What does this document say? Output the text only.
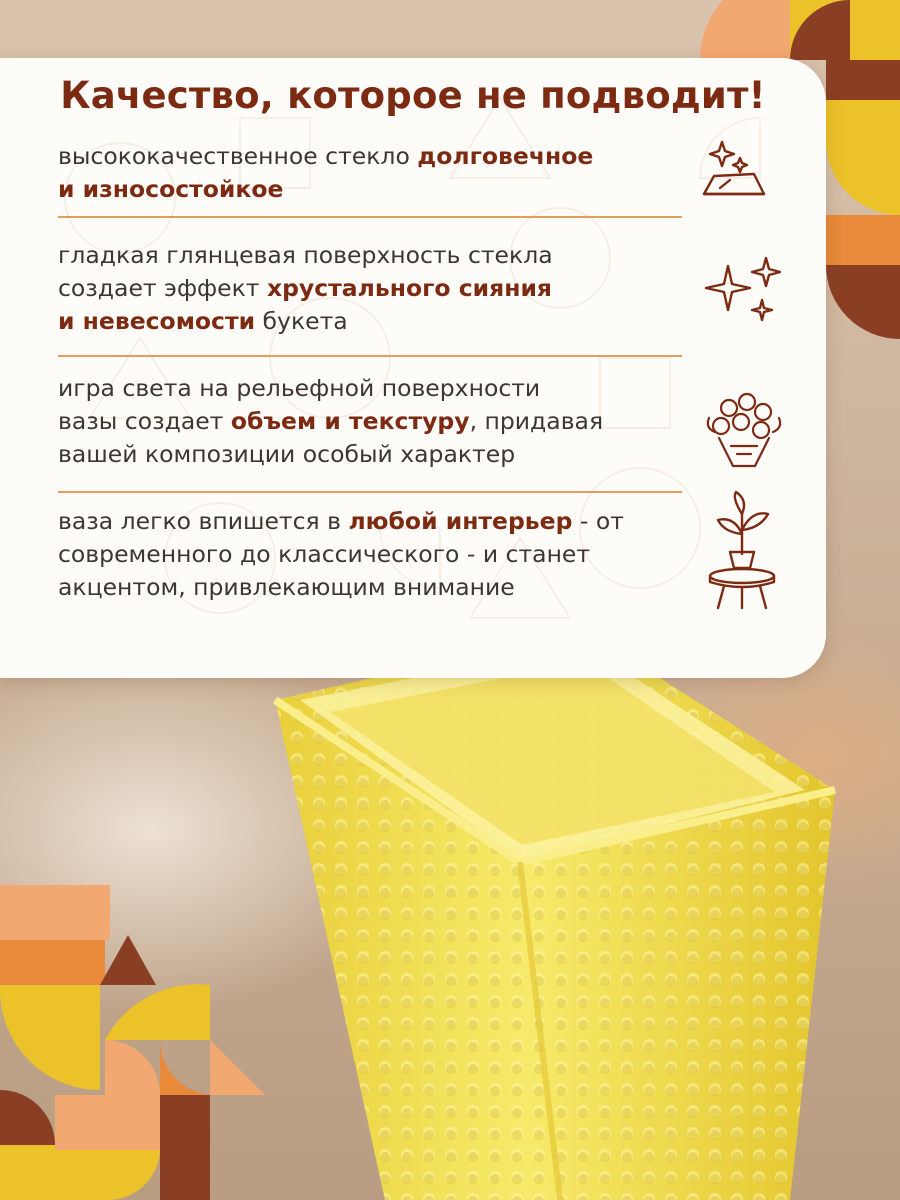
Качество, которое не подводит!

высококачественное стекло долговечное
и износостойкое

гладкая глянцевая поверхность стекла
создает эффект хрустального сияния
и невесомости букета

игра света на рельефной поверхности
вазы создает объем и текстуру, придавая
вашей композиции особый характер

ваза легко впишется в любой интерьер - от
современного до классического - и станет
акцентом, привлекающим внимание
